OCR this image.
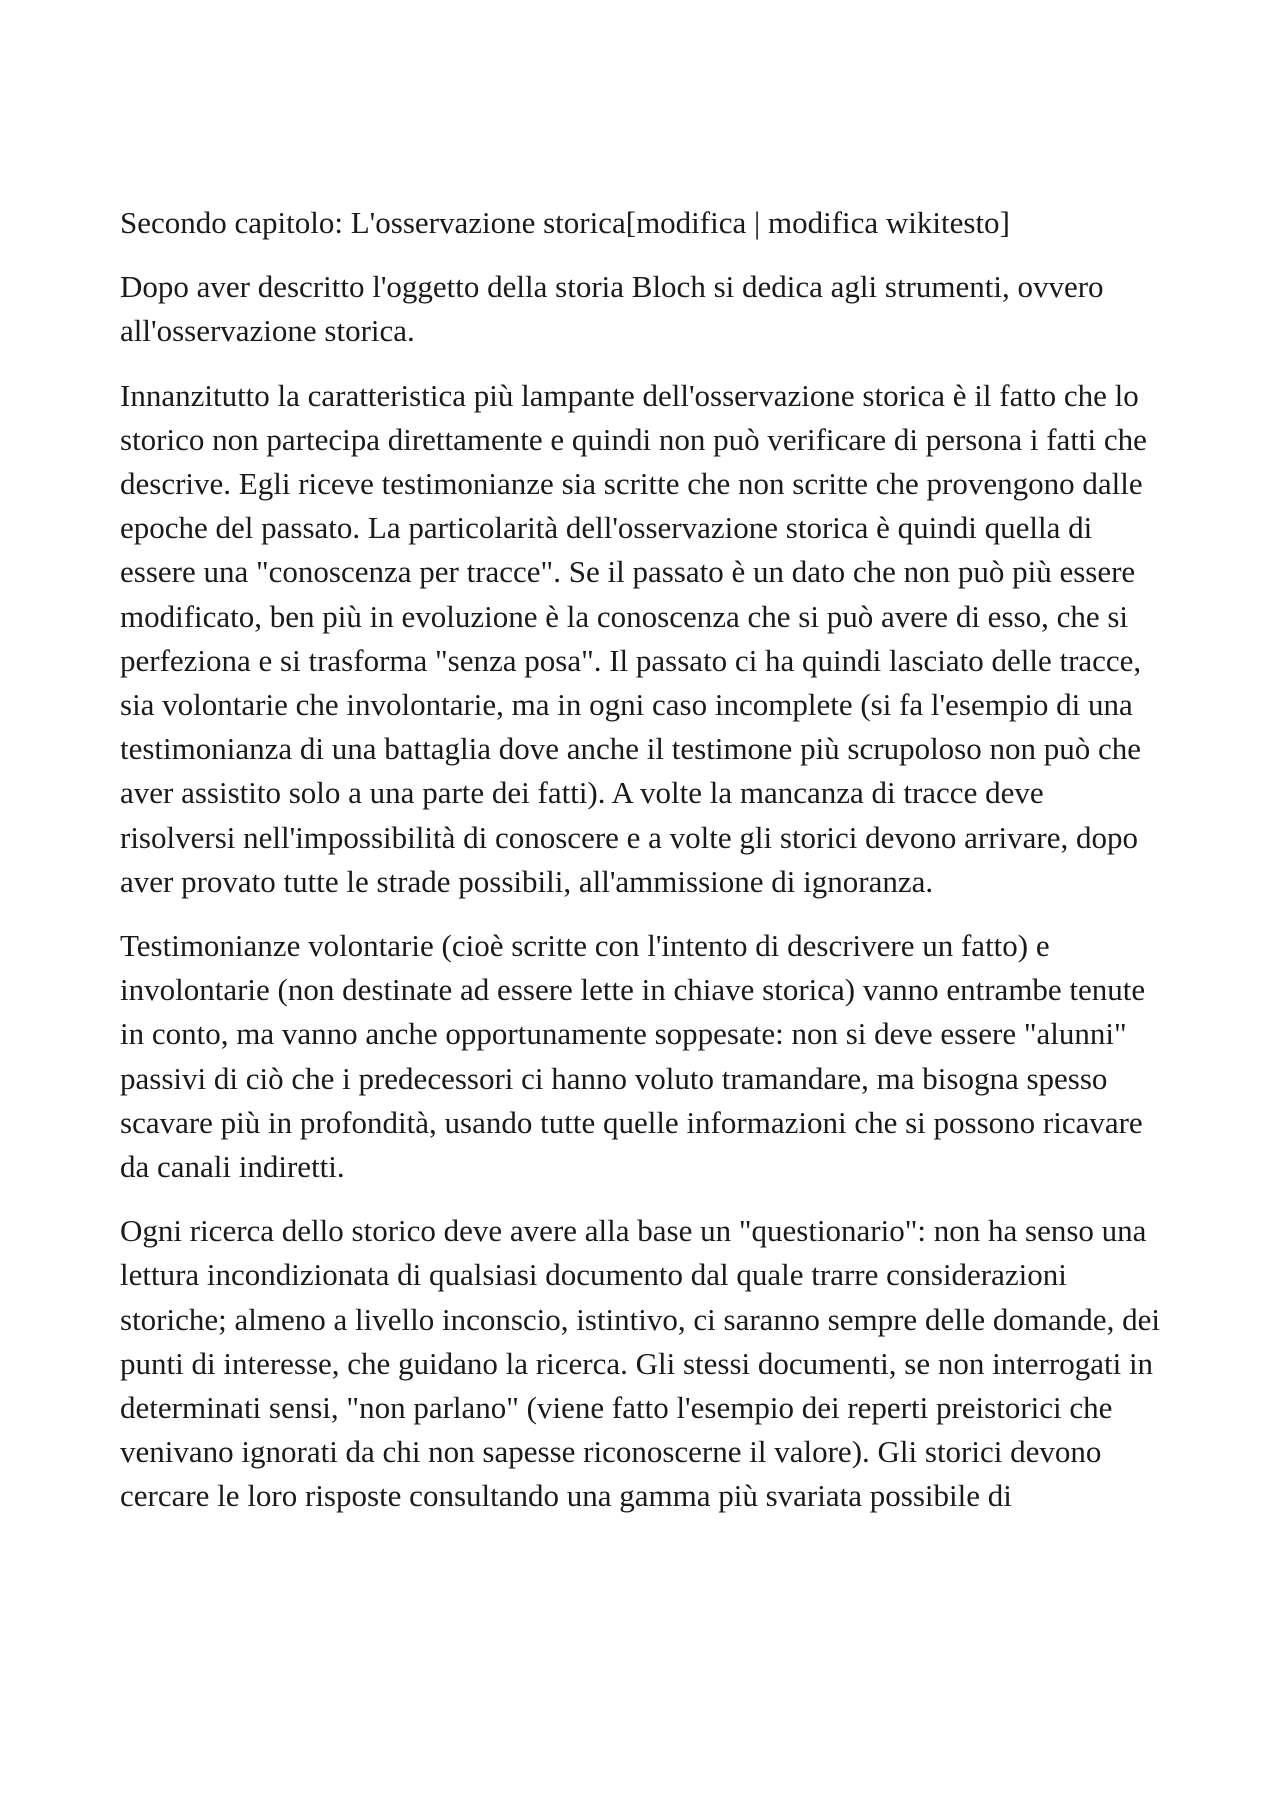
Secondo capitolo: L'osservazione storica[modifica | modifica wikitesto]

Dopo aver descritto l'oggetto della storia Bloch si dedica agli strumenti, ovvero all'osservazione storica.

Innanzitutto la caratteristica più lampante dell'osservazione storica è il fatto che lo storico non partecipa direttamente e quindi non può verificare di persona i fatti che descrive. Egli riceve testimonianze sia scritte che non scritte che provengono dalle epoche del passato. La particolarità dell'osservazione storica è quindi quella di essere una "conoscenza per tracce". Se il passato è un dato che non può più essere modificato, ben più in evoluzione è la conoscenza che si può avere di esso, che si perfeziona e si trasforma "senza posa". Il passato ci ha quindi lasciato delle tracce, sia volontarie che involontarie, ma in ogni caso incomplete (si fa l'esempio di una testimonianza di una battaglia dove anche il testimone più scrupoloso non può che aver assistito solo a una parte dei fatti). A volte la mancanza di tracce deve risolversi nell'impossibilità di conoscere e a volte gli storici devono arrivare, dopo aver provato tutte le strade possibili, all'ammissione di ignoranza.

Testimonianze volontarie (cioè scritte con l'intento di descrivere un fatto) e involontarie (non destinate ad essere lette in chiave storica) vanno entrambe tenute in conto, ma vanno anche opportunamente soppesate: non si deve essere "alunni" passivi di ciò che i predecessori ci hanno voluto tramandare, ma bisogna spesso scavare più in profondità, usando tutte quelle informazioni che si possono ricavare da canali indiretti.

Ogni ricerca dello storico deve avere alla base un "questionario": non ha senso una lettura incondizionata di qualsiasi documento dal quale trarre considerazioni storiche; almeno a livello inconscio, istintivo, ci saranno sempre delle domande, dei punti di interesse, che guidano la ricerca. Gli stessi documenti, se non interrogati in determinati sensi, "non parlano" (viene fatto l'esempio dei reperti preistorici che venivano ignorati da chi non sapesse riconoscerne il valore). Gli storici devono cercare le loro risposte consultando una gamma più svariata possibile di
